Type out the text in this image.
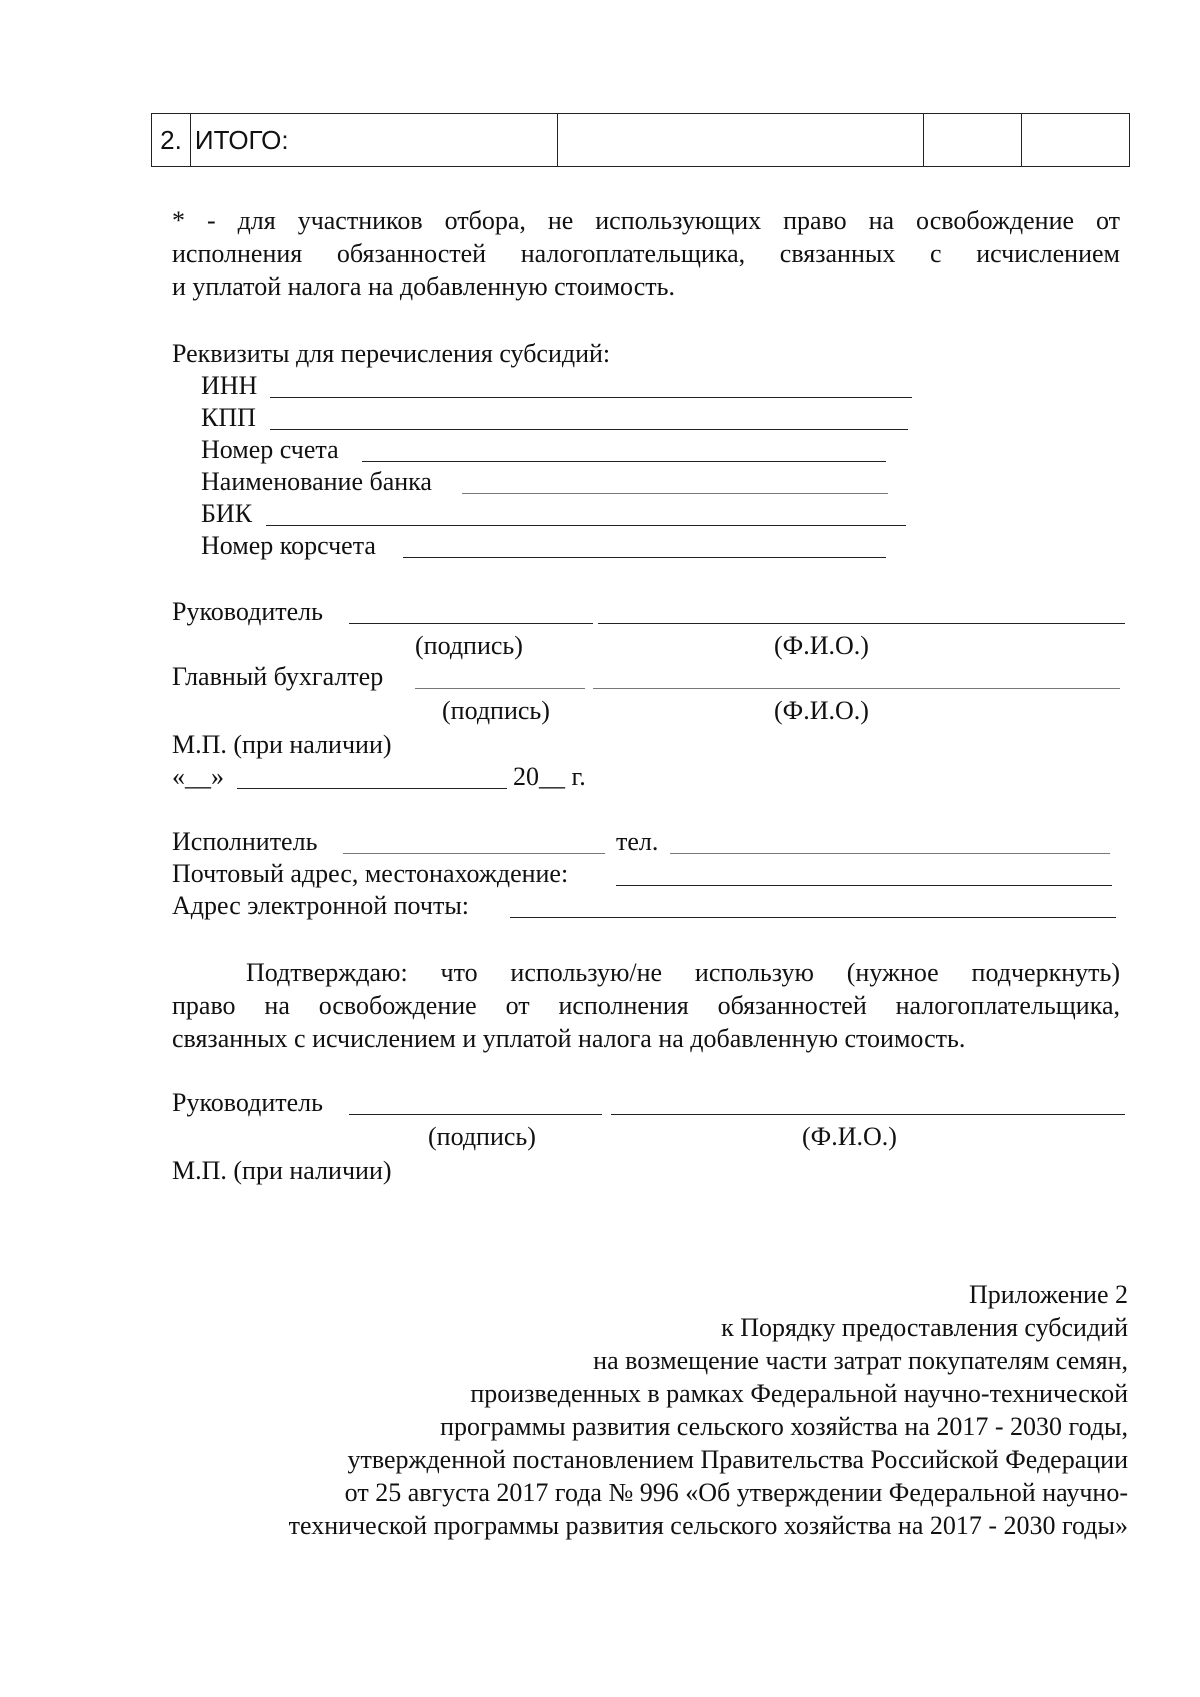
2.	ИТОГО:			
* - для участников отбора, не использующих право на освобождение от
исполнения обязанностей налогоплательщика, связанных с исчислением
и уплатой налога на добавленную стоимость.
Реквизиты для перечисления субсидий:
ИНН
КПП
Номер счета
Наименование банка
БИК
Номер корсчета
Руководитель
(подпись)	(Ф.И.О.)
Главный бухгалтер
(подпись)	(Ф.И.О.)
М.П. (при наличии)
«__»	20__ г.
Исполнитель	тел.
Почтовый адрес, местонахождение:
Адрес электронной почты:
Подтверждаю: что использую/не использую (нужное подчеркнуть)
право на освобождение от исполнения обязанностей налогоплательщика,
связанных с исчислением и уплатой налога на добавленную стоимость.
Руководитель
(подпись)	(Ф.И.О.)
М.П. (при наличии)
Приложение 2
к Порядку предоставления субсидий
на возмещение части затрат покупателям семян,
произведенных в рамках Федеральной научно-технической
программы развития сельского хозяйства на 2017 - 2030 годы,
утвержденной постановлением Правительства Российской Федерации
от 25 августа 2017 года № 996 «Об утверждении Федеральной научно-
технической программы развития сельского хозяйства на 2017 - 2030 годы»
